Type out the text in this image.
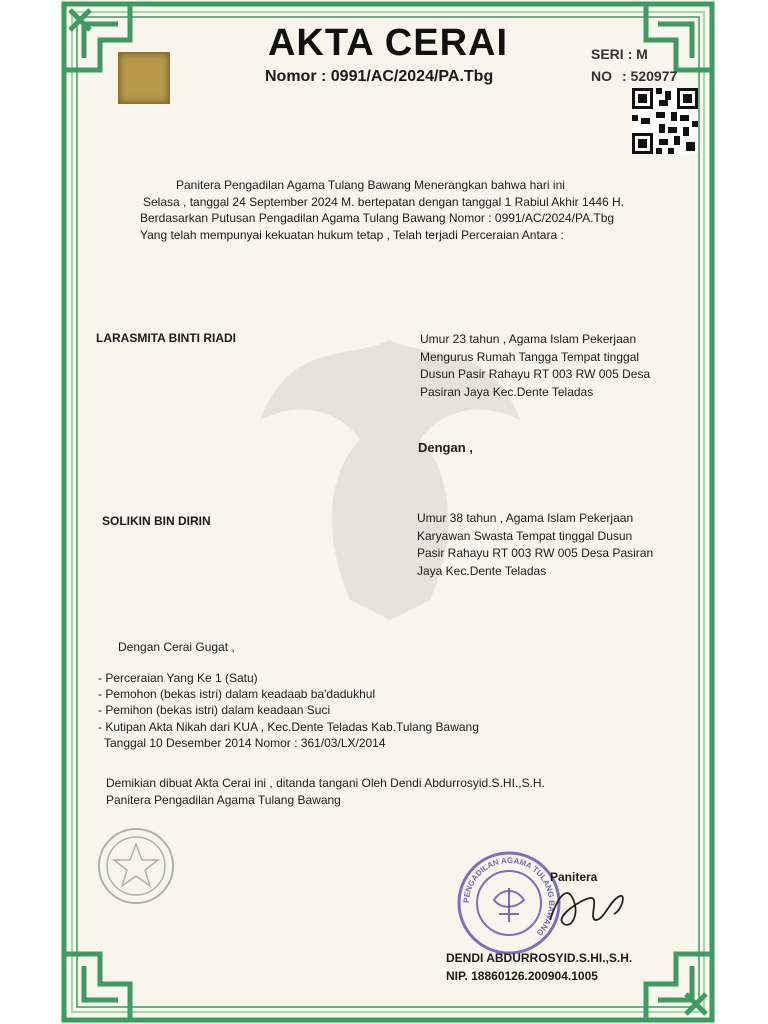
AKTA CERAI
Nomor : 0991/AC/2024/PA.Tbg
SERI : M
NO : 520977
Panitera Pengadilan Agama Tulang Bawang Menerangkan bahwa hari ini
Selasa , tanggal 24 September 2024 M. bertepatan dengan tanggal 1 Rabiul Akhir 1446 H.
Berdasarkan Putusan Pengadilan Agama Tulang Bawang Nomor : 0991/AC/2024/PA.Tbg
Yang telah mempunyai kekuatan hukum tetap , Telah terjadi Perceraian Antara :
LARASMITA BINTI RIADI	Umur 23 tahun , Agama Islam Pekerjaan
Mengurus Rumah Tangga Tempat tinggal
Dusun Pasir Rahayu RT 003 RW 005 Desa
Pasiran Jaya Kec.Dente Teladas
Dengan ,
SOLIKIN BIN DIRIN	Umur 38 tahun , Agama Islam Pekerjaan
Karyawan Swasta Tempat tinggal Dusun
Pasir Rahayu RT 003 RW 005 Desa Pasiran
Jaya Kec.Dente Teladas
Dengan Cerai Gugat ,
- Perceraian Yang Ke 1 (Satu)
- Pemohon (bekas istri) dalam keadaab ba'dadukhul
- Pemihon (bekas istri) dalam keadaan Suci
- Kutipan Akta Nikah dari KUA , Kec.Dente Teladas Kab.Tulang Bawang
Tanggal 10 Desember 2014 Nomor : 361/03/LX/2014
Demikian dibuat Akta Cerai ini , ditanda tangani Oleh Dendi Abdurrosyid.S.HI.,S.H.
Panitera Pengadilan Agama Tulang Bawang
PENGADILAN AGAMA TULANG BAWANG
Panitera
DENDI ABDURROSYID.S.HI.,S.H.
NIP. 18860126.200904.1005
